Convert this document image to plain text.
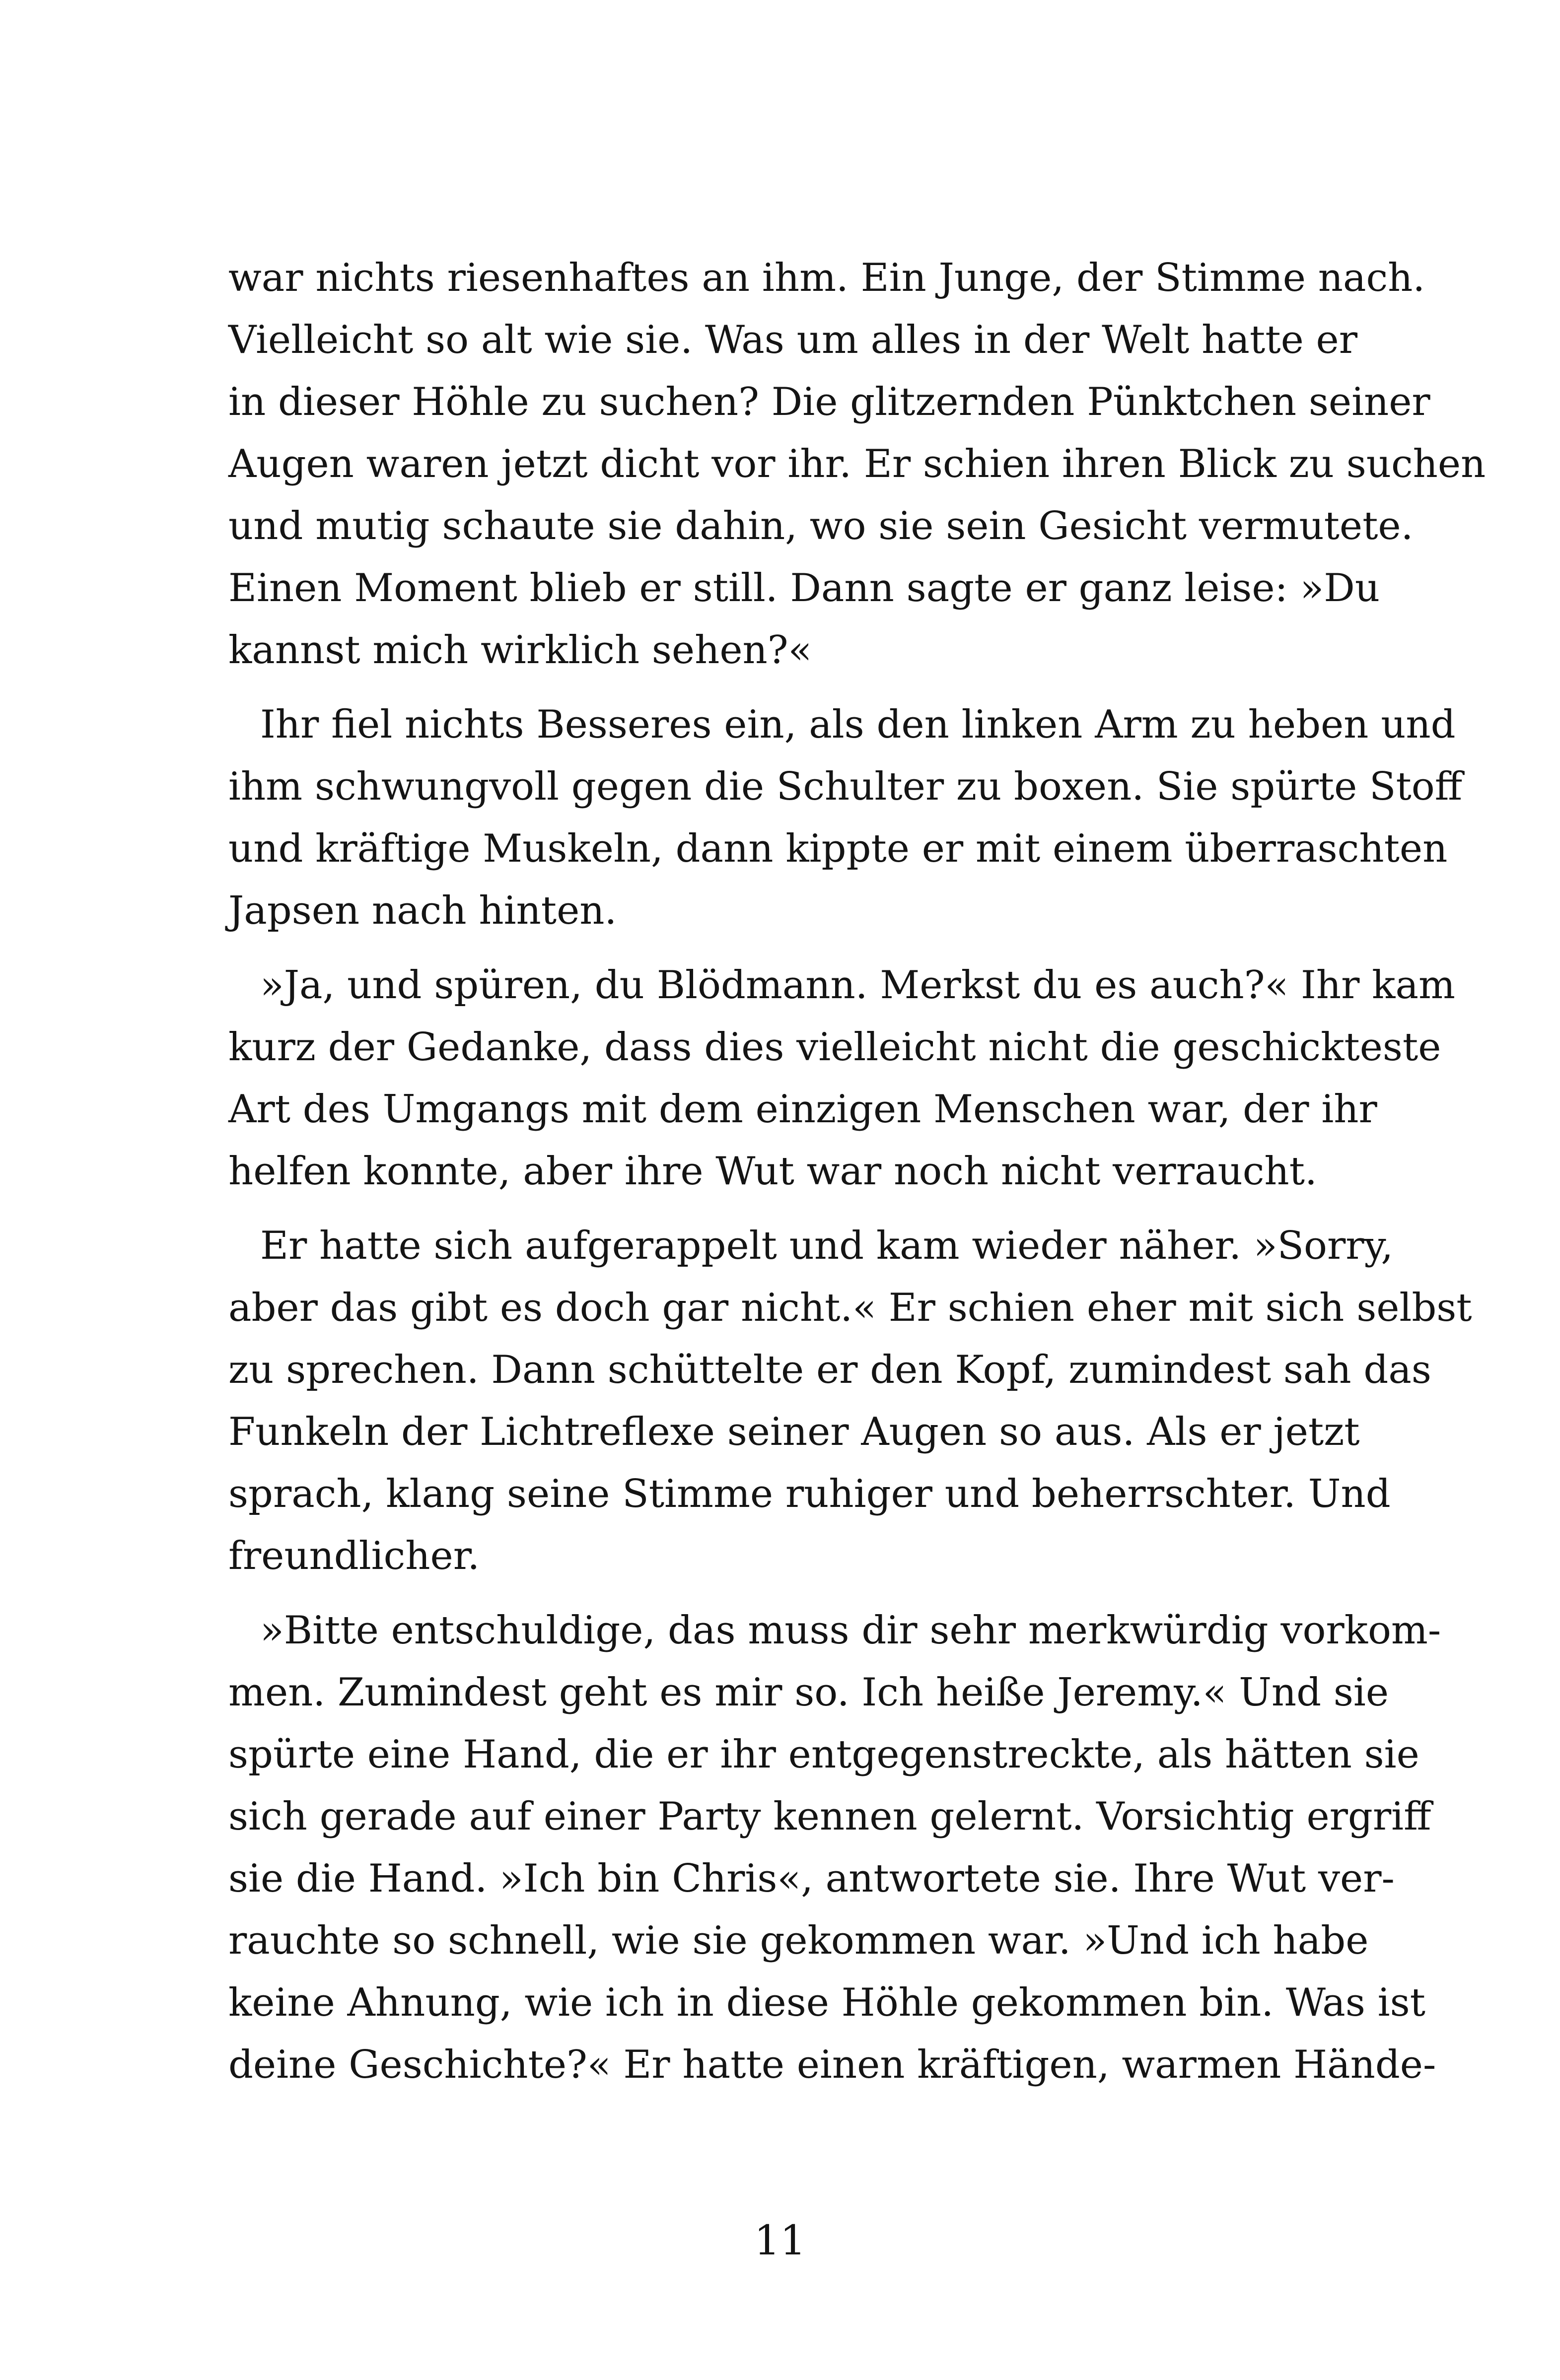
war nichts riesenhaftes an ihm. Ein Junge, der Stimme nach.
Vielleicht so alt wie sie. Was um alles in der Welt hatte er
in dieser Höhle zu suchen? Die glitzernden Pünktchen seiner
Augen waren jetzt dicht vor ihr. Er schien ihren Blick zu suchen
und mutig schaute sie dahin, wo sie sein Gesicht vermutete.
Einen Moment blieb er still. Dann sagte er ganz leise: »Du
kannst mich wirklich sehen?«
Ihr fiel nichts Besseres ein, als den linken Arm zu heben und
ihm schwungvoll gegen die Schulter zu boxen. Sie spürte Stoff
und kräftige Muskeln, dann kippte er mit einem überraschten
Japsen nach hinten.
»Ja, und spüren, du Blödmann. Merkst du es auch?« Ihr kam
kurz der Gedanke, dass dies vielleicht nicht die geschickteste
Art des Umgangs mit dem einzigen Menschen war, der ihr
helfen konnte, aber ihre Wut war noch nicht verraucht.
Er hatte sich aufgerappelt und kam wieder näher. »Sorry,
aber das gibt es doch gar nicht.« Er schien eher mit sich selbst
zu sprechen. Dann schüttelte er den Kopf, zumindest sah das
Funkeln der Lichtreflexe seiner Augen so aus. Als er jetzt
sprach, klang seine Stimme ruhiger und beherrschter. Und
freundlicher.
»Bitte entschuldige, das muss dir sehr merkwürdig vorkom-
men. Zumindest geht es mir so. Ich heiße Jeremy.« Und sie
spürte eine Hand, die er ihr entgegenstreckte, als hätten sie
sich gerade auf einer Party kennen gelernt. Vorsichtig ergriff
sie die Hand. »Ich bin Chris«, antwortete sie. Ihre Wut ver-
rauchte so schnell, wie sie gekommen war. »Und ich habe
keine Ahnung, wie ich in diese Höhle gekommen bin. Was ist
deine Geschichte?« Er hatte einen kräftigen, warmen Hände-
11
